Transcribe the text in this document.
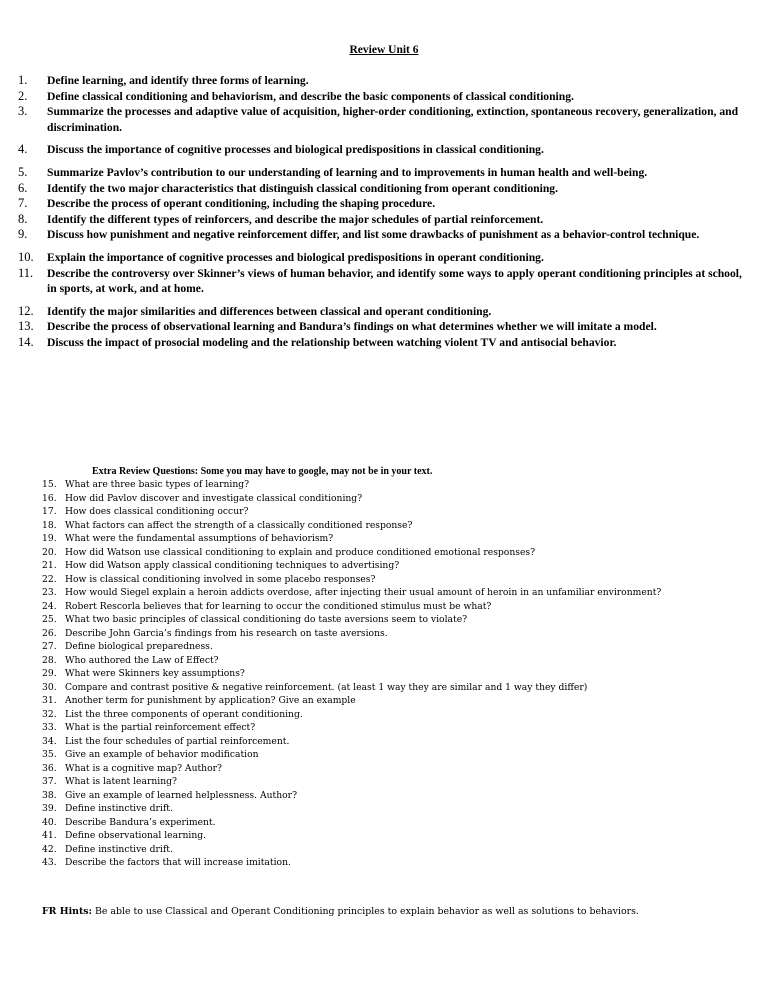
Review Unit 6
1.	Define learning, and identify three forms of learning.
2.	Define classical conditioning and behaviorism, and describe the basic components of classical conditioning.
3.	Summarize the processes and adaptive value of acquisition, higher-order conditioning, extinction, spontaneous recovery, generalization, and discrimination.
4.	Discuss the importance of cognitive processes and biological predispositions in classical conditioning.
5.	Summarize Pavlov’s contribution to our understanding of learning and to improvements in human health and well-being.
6.	Identify the two major characteristics that distinguish classical conditioning from operant conditioning.
7.	Describe the process of operant conditioning, including the shaping procedure.
8.	Identify the different types of reinforcers, and describe the major schedules of partial reinforcement.
9.	Discuss how punishment and negative reinforcement differ, and list some drawbacks of punishment as a behavior-control technique.
10.	Explain the importance of cognitive processes and biological predispositions in operant conditioning.
11.	Describe the controversy over Skinner’s views of human behavior, and identify some ways to apply operant conditioning principles at school, in sports, at work, and at home.
12.	Identify the major similarities and differences between classical and operant conditioning.
13.	Describe the process of observational learning and Bandura’s findings on what determines whether we will imitate a model.
14.	Discuss the impact of prosocial modeling and the relationship between watching violent TV and antisocial behavior.
Extra Review Questions: Some you may have to google, may not be in your text.
15. What are three basic types of learning?
16. How did Pavlov discover and investigate classical conditioning?
17. How does classical conditioning occur?
18. What factors can affect the strength of a classically conditioned response?
19. What were the fundamental assumptions of behaviorism?
20. How did Watson use classical conditioning to explain and produce conditioned emotional responses?
21. How did Watson apply classical conditioning techniques to advertising?
22. How is classical conditioning involved in some placebo responses?
23. How would Siegel explain a heroin addicts overdose, after injecting their usual amount of heroin in an unfamiliar environment?
24. Robert Rescorla believes that for learning to occur the conditioned stimulus must be what?
25. What two basic principles of classical conditioning do taste aversions seem to violate?
26. Describe John Garcia’s findings from his research on taste aversions.
27. Define biological preparedness.
28. Who authored the Law of Effect?
29. What were Skinners key assumptions?
30. Compare and contrast positive & negative reinforcement. (at least 1 way they are similar and 1 way they differ)
31. Another term for punishment by application? Give an example
32. List the three components of operant conditioning.
33. What is the partial reinforcement effect?
34. List the four schedules of partial reinforcement.
35. Give an example of behavior modification
36. What is a cognitive map? Author?
37. What is latent learning?
38. Give an example of learned helplessness. Author?
39. Define instinctive drift.
40. Describe Bandura’s experiment.
41. Define observational learning.
42. Define instinctive drift.
43. Describe the factors that will increase imitation.
FR Hints: Be able to use Classical and Operant Conditioning principles to explain behavior as well as solutions to behaviors.
